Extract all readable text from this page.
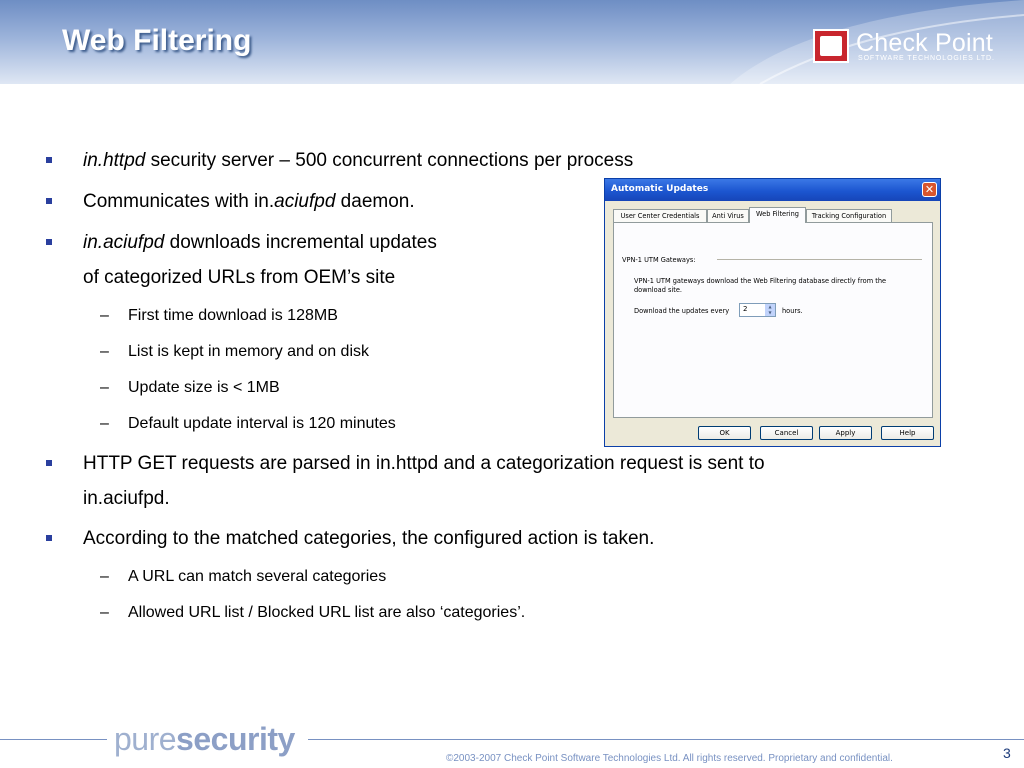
Web Filtering	Check Point
SOFTWARE TECHNOLOGIES LTD.
in.httpd security server – 500 concurrent connections per process
Communicates with in.aciufpd daemon.
in.aciufpd downloads incremental updates
of categorized URLs from OEM’s site
– First time download is 128MB
– List is kept in memory and on disk
– Update size is < 1MB
– Default update interval is 120 minutes
HTTP GET requests are parsed in in.httpd and a categorization request is sent to
in.aciufpd.
According to the matched categories, the configured action is taken.
– A URL can match several categories
– Allowed URL list / Blocked URL list are also ‘categories’.
Automatic Updates	✕
User Center Credentials	Anti Virus	Web Filtering	Tracking Configuration
VPN-1 UTM Gateways:
VPN-1 UTM gateways download the Web Filtering database directly from the download site.
Download the updates every 2	▲
▼	hours.
OK	Cancel	Apply	Help
puresecurity
©2003-2007 Check Point Software Technologies Ltd. All rights reserved. Proprietary and confidential.	3
